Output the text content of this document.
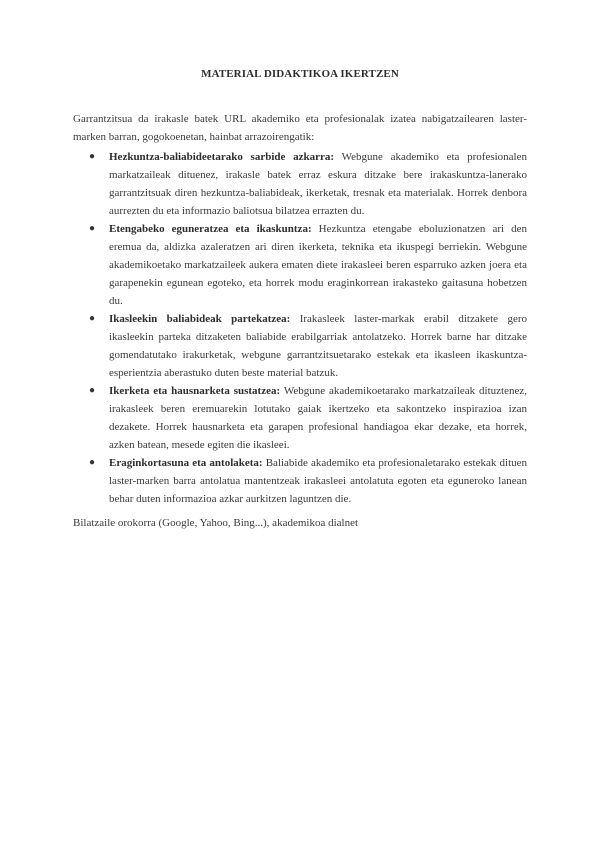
MATERIAL DIDAKTIKOA IKERTZEN

Garrantzitsua da irakasle batek URL akademiko eta profesionalak izatea nabigatzailearen laster-marken barran, gogokoenetan, hainbat arrazoirengatik:

● Hezkuntza-baliabideetarako sarbide azkarra: Webgune akademiko eta profesionalen markatzaileak dituenez, irakasle batek erraz eskura ditzake bere irakaskuntza-lanerako garrantzitsuak diren hezkuntza-baliabideak, ikerketak, tresnak eta materialak. Horrek denbora aurrezten du eta informazio baliotsua bilatzea errazten du.
● Etengabeko eguneratzea eta ikaskuntza: Hezkuntza etengabe eboluzionatzen ari den eremua da, aldizka azaleratzen ari diren ikerketa, teknika eta ikuspegi berriekin. Webgune akademikoetako markatzaileek aukera ematen diete irakasleei beren esparruko azken joera eta garapenekin egunean egoteko, eta horrek modu eraginkorrean irakasteko gaitasuna hobetzen du.
● Ikasleekin baliabideak partekatzea: Irakasleek laster-markak erabil ditzakete gero ikasleekin parteka ditzaketen baliabide erabilgarriak antolatzeko. Horrek barne har ditzake gomendatutako irakurketak, webgune garrantzitsuetarako estekak eta ikasleen ikaskuntza-esperientzia aberastuko duten beste material batzuk.
● Ikerketa eta hausnarketa sustatzea: Webgune akademikoetarako markatzaileak dituztenez, irakasleek beren eremuarekin lotutako gaiak ikertzeko eta sakontzeko inspirazioa izan dezakete. Horrek hausnarketa eta garapen profesional handiagoa ekar dezake, eta horrek, azken batean, mesede egiten die ikasleei.
● Eraginkortasuna eta antolaketa: Baliabide akademiko eta profesionaletarako estekak dituen laster-marken barra antolatua mantentzeak irakasleei antolatuta egoten eta eguneroko lanean behar duten informazioa azkar aurkitzen laguntzen die.

Bilatzaile orokorra (Google, Yahoo, Bing...), akademikoa dialnet
